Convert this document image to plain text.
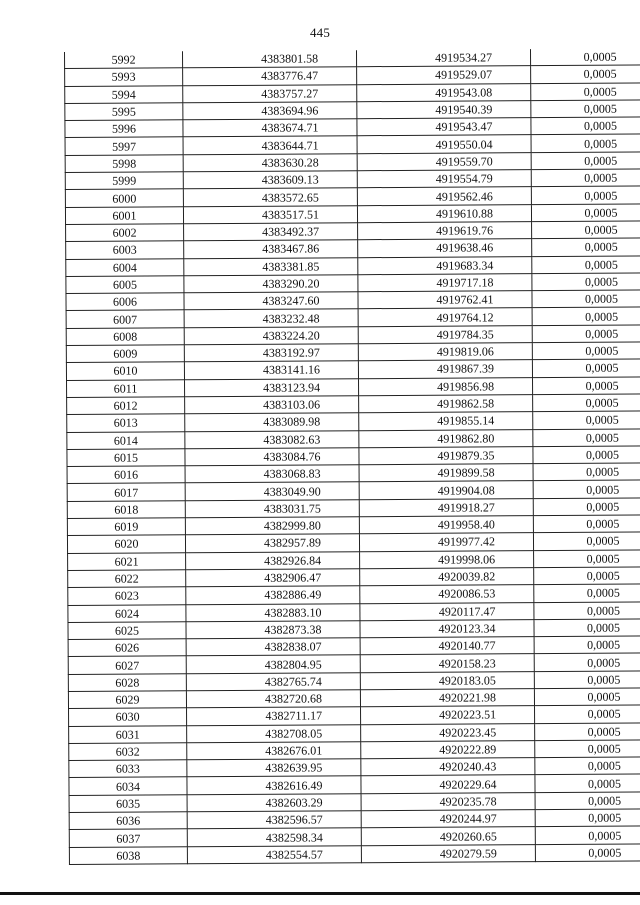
445
5992	4383801.58	4919534.27	0,0005
5993	4383776.47	4919529.07	0,0005
5994	4383757.27	4919543.08	0,0005
5995	4383694.96	4919540.39	0,0005
5996	4383674.71	4919543.47	0,0005
5997	4383644.71	4919550.04	0,0005
5998	4383630.28	4919559.70	0,0005
5999	4383609.13	4919554.79	0,0005
6000	4383572.65	4919562.46	0,0005
6001	4383517.51	4919610.88	0,0005
6002	4383492.37	4919619.76	0,0005
6003	4383467.86	4919638.46	0,0005
6004	4383381.85	4919683.34	0,0005
6005	4383290.20	4919717.18	0,0005
6006	4383247.60	4919762.41	0,0005
6007	4383232.48	4919764.12	0,0005
6008	4383224.20	4919784.35	0,0005
6009	4383192.97	4919819.06	0,0005
6010	4383141.16	4919867.39	0,0005
6011	4383123.94	4919856.98	0,0005
6012	4383103.06	4919862.58	0,0005
6013	4383089.98	4919855.14	0,0005
6014	4383082.63	4919862.80	0,0005
6015	4383084.76	4919879.35	0,0005
6016	4383068.83	4919899.58	0,0005
6017	4383049.90	4919904.08	0,0005
6018	4383031.75	4919918.27	0,0005
6019	4382999.80	4919958.40	0,0005
6020	4382957.89	4919977.42	0,0005
6021	4382926.84	4919998.06	0,0005
6022	4382906.47	4920039.82	0,0005
6023	4382886.49	4920086.53	0,0005
6024	4382883.10	4920117.47	0,0005
6025	4382873.38	4920123.34	0,0005
6026	4382838.07	4920140.77	0,0005
6027	4382804.95	4920158.23	0,0005
6028	4382765.74	4920183.05	0,0005
6029	4382720.68	4920221.98	0,0005
6030	4382711.17	4920223.51	0,0005
6031	4382708.05	4920223.45	0,0005
6032	4382676.01	4920222.89	0,0005
6033	4382639.95	4920240.43	0,0005
6034	4382616.49	4920229.64	0,0005
6035	4382603.29	4920235.78	0,0005
6036	4382596.57	4920244.97	0,0005
6037	4382598.34	4920260.65	0,0005
6038	4382554.57	4920279.59	0,0005
